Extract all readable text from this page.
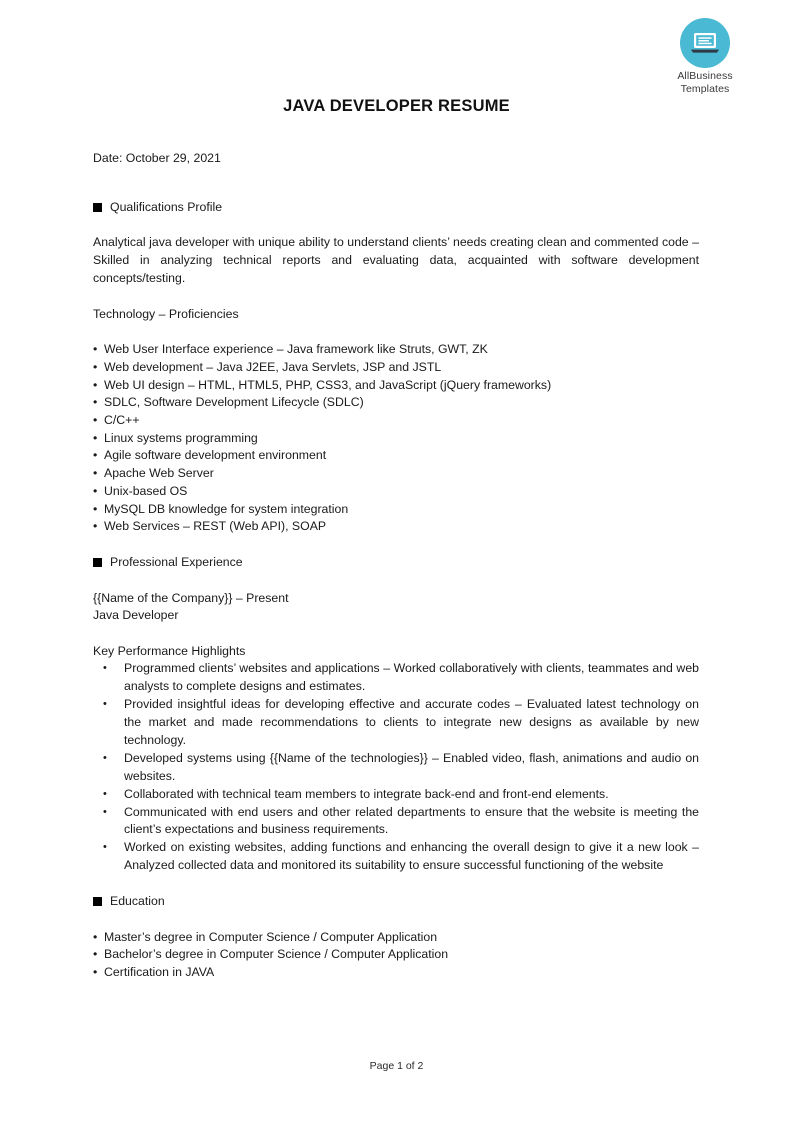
AllBusiness
Templates
JAVA DEVELOPER RESUME
Date: October 29, 2021
Qualifications Profile

Analytical java developer with unique ability to understand clients’ needs creating clean and commented code – Skilled in analyzing technical reports and evaluating data, acquainted with software development concepts/testing.

Technology – Proficiencies

• Web User Interface experience – Java framework like Struts, GWT, ZK
• Web development – Java J2EE, Java Servlets, JSP and JSTL
• Web UI design – HTML, HTML5, PHP, CSS3, and JavaScript (jQuery frameworks)
• SDLC, Software Development Lifecycle (SDLC)
• C/C++
• Linux systems programming
• Agile software development environment
• Apache Web Server
• Unix-based OS
• MySQL DB knowledge for system integration
• Web Services – REST (Web API), SOAP
Professional Experience

{{Name of the Company}} – Present

Java Developer

Key Performance Highlights

• Programmed clients’ websites and applications – Worked collaboratively with clients, teammates and web analysts to complete designs and estimates.
• Provided insightful ideas for developing effective and accurate codes – Evaluated latest technology on the market and made recommendations to clients to integrate new designs as available by new technology.
• Developed systems using {{Name of the technologies}} – Enabled video, flash, animations and audio on websites.
• Collaborated with technical team members to integrate back-end and front-end elements.
• Communicated with end users and other related departments to ensure that the website is meeting the client’s expectations and business requirements.
• Worked on existing websites, adding functions and enhancing the overall design to give it a new look – Analyzed collected data and monitored its suitability to ensure successful functioning of the website
Education
• Master’s degree in Computer Science / Computer Application
• Bachelor’s degree in Computer Science / Computer Application
• Certification in JAVA
Page 1 of 2
